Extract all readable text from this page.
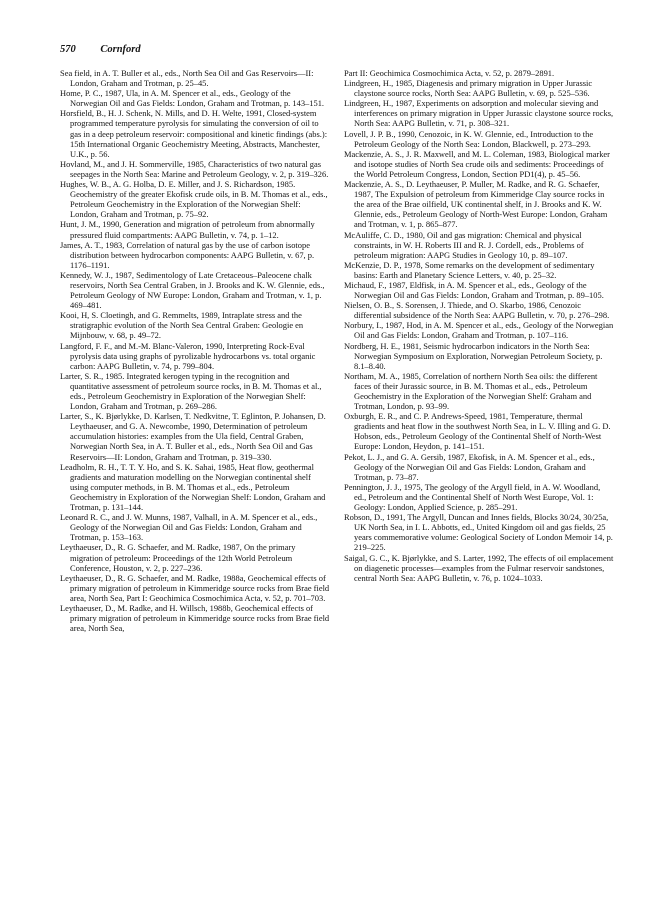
570 Cornford

Sea field, in A. T. Buller et al., eds., North Sea Oil and Gas Reservoirs—II: London, Graham and Trotman, p. 25–45.

Home, P. C., 1987, Ula, in A. M. Spencer et al., eds., Geology of the Norwegian Oil and Gas Fields: London, Graham and Trotman, p. 143–151.

Horsfield, B., H. J. Schenk, N. Mills, and D. H. Welte, 1991, Closed-system programmed temperature pyrolysis for simulating the conversion of oil to gas in a deep petroleum reservoir: compositional and kinetic findings (abs.): 15th International Organic Geochemistry Meeting, Abstracts, Manchester, U.K., p. 56.

Hovland, M., and J. H. Sommerville, 1985, Characteristics of two natural gas seepages in the North Sea: Marine and Petroleum Geology, v. 2, p. 319–326.

Hughes, W. B., A. G. Holba, D. E. Miller, and J. S. Richardson, 1985. Geochemistry of the greater Ekofisk crude oils, in B. M. Thomas et al., eds., Petroleum Geochemistry in the Exploration of the Norwegian Shelf: London, Graham and Trotman, p. 75–92.

Hunt, J. M., 1990, Generation and migration of petroleum from abnormally pressured fluid compartments: AAPG Bulletin, v. 74, p. 1–12.

James, A. T., 1983, Correlation of natural gas by the use of carbon isotope distribution between hydrocarbon components: AAPG Bulletin, v. 67, p. 1176–1191.

Kennedy, W. J., 1987, Sedimentology of Late Cretaceous–Paleocene chalk reservoirs, North Sea Central Graben, in J. Brooks and K. W. Glennie, eds., Petroleum Geology of NW Europe: London, Graham and Trotman, v. 1, p. 469–481.

Kooi, H, S. Cloetingh, and G. Remmelts, 1989, Intraplate stress and the stratigraphic evolution of the North Sea Central Graben: Geologie en Mijnbouw, v. 68, p. 49–72.

Langford, F. F., and M.-M. Blanc-Valeron, 1990, Interpreting Rock-Eval pyrolysis data using graphs of pyrolizable hydrocarbons vs. total organic carbon: AAPG Bulletin, v. 74, p. 799–804.

Larter, S. R., 1985. Integrated kerogen typing in the recognition and quantitative assessment of petroleum source rocks, in B. M. Thomas et al., eds., Petroleum Geochemistry in Exploration of the Norwegian Shelf: London, Graham and Trotman, p. 269–286.

Larter, S., K. Bjørlykke, D. Karlsen, T. Nedkvitne, T. Eglinton, P. Johansen, D. Leythaeuser, and G. A. Newcombe, 1990, Determination of petroleum accumulation histories: examples from the Ula field, Central Graben, Norwegian North Sea, in A. T. Buller et al., eds., North Sea Oil and Gas Reservoirs—II: London, Graham and Trotman, p. 319–330.

Leadholm, R. H., T. T. Y. Ho, and S. K. Sahai, 1985, Heat flow, geothermal gradients and maturation modelling on the Norwegian continental shelf using computer methods, in B. M. Thomas et al., eds., Petroleum Geochemistry in Exploration of the Norwegian Shelf: London, Graham and Trotman, p. 131–144.

Leonard R. C., and J. W. Munns, 1987, Valhall, in A. M. Spencer et al., eds., Geology of the Norwegian Oil and Gas Fields: London, Graham and Trotman, p. 153–163.

Leythaeuser, D., R. G. Schaefer, and M. Radke, 1987, On the primary migration of petroleum: Proceedings of the 12th World Petroleum Conference, Houston, v. 2, p. 227–236.

Leythaeuser, D., R. G. Schaefer, and M. Radke, 1988a, Geochemical effects of primary migration of petroleum in Kimmeridge source rocks from Brae field area, North Sea, Part I: Geochimica Cosmochimica Acta, v. 52, p. 701–703.

Leythaeuser, D., M. Radke, and H. Willsch, 1988b, Geochemical effects of primary migration of petroleum in Kimmeridge source rocks from Brae field area, North Sea,

Part II: Geochimica Cosmochimica Acta, v. 52, p. 2879–2891.

Lindgreen, H., 1985, Diagenesis and primary migration in Upper Jurassic claystone source rocks, North Sea: AAPG Bulletin, v. 69, p. 525–536.

Lindgreen, H., 1987, Experiments on adsorption and molecular sieving and interferences on primary migration in Upper Jurassic claystone source rocks, North Sea: AAPG Bulletin, v. 71, p. 308–321.

Lovell, J. P. B., 1990, Cenozoic, in K. W. Glennie, ed., Introduction to the Petroleum Geology of the North Sea: London, Blackwell, p. 273–293.

Mackenzie, A. S., J. R. Maxwell, and M. L. Coleman, 1983, Biological marker and isotope studies of North Sea crude oils and sediments: Proceedings of the World Petroleum Congress, London, Section PD1(4), p. 45–56.

Mackenzie, A. S., D. Leythaeuser, P. Muller, M. Radke, and R. G. Schaefer, 1987, The Expulsion of petroleum from Kimmeridge Clay source rocks in the area of the Brae oilfield, UK continental shelf, in J. Brooks and K. W. Glennie, eds., Petroleum Geology of North-West Europe: London, Graham and Trotman, v. 1, p. 865–877.

McAuliffe, C. D., 1980, Oil and gas migration: Chemical and physical constraints, in W. H. Roberts III and R. J. Cordell, eds., Problems of petroleum migration: AAPG Studies in Geology 10, p. 89–107.

McKenzie, D. P., 1978, Some remarks on the development of sedimentary basins: Earth and Planetary Science Letters, v. 40, p. 25–32.

Michaud, F., 1987, Eldfisk, in A. M. Spencer et al., eds., Geology of the Norwegian Oil and Gas Fields: London, Graham and Trotman, p. 89–105.

Nielsen, O. B., S. Sorensen, J. Thiede, and O. Skarbo, 1986, Cenozoic differential subsidence of the North Sea: AAPG Bulletin, v. 70, p. 276–298.

Norbury, I., 1987, Hod, in A. M. Spencer et al., eds., Geology of the Norwegian Oil and Gas Fields: London, Graham and Trotman, p. 107–116.

Nordberg, H. E., 1981, Seismic hydrocarbon indicators in the North Sea: Norwegian Symposium on Exploration, Norwegian Petroleum Society, p. 8.1–8.40.

Northam, M. A., 1985, Correlation of northern North Sea oils: the different faces of their Jurassic source, in B. M. Thomas et al., eds., Petroleum Geochemistry in the Exploration of the Norwegian Shelf: Graham and Trotman, London, p. 93–99.

Oxburgh, E. R., and C. P. Andrews-Speed, 1981, Temperature, thermal gradients and heat flow in the southwest North Sea, in L. V. Illing and G. D. Hobson, eds., Petroleum Geology of the Continental Shelf of North-West Europe: London, Heydon, p. 141–151.

Pekot, L. J., and G. A. Gersib, 1987, Ekofisk, in A. M. Spencer et al., eds., Geology of the Norwegian Oil and Gas Fields: London, Graham and Trotman, p. 73–87.

Pennington, J. J., 1975, The geology of the Argyll field, in A. W. Woodland, ed., Petroleum and the Continental Shelf of North West Europe, Vol. 1: Geology: London, Applied Science, p. 285–291.

Robson, D., 1991, The Argyll, Duncan and Innes fields, Blocks 30/24, 30/25a, UK North Sea, in I. L. Abbotts, ed., United Kingdom oil and gas fields, 25 years commemorative volume: Geological Society of London Memoir 14, p. 219–225.

Saigal, G. C., K. Bjørlykke, and S. Larter, 1992, The effects of oil emplacement on diagenetic processes—examples from the Fulmar reservoir sandstones, central North Sea: AAPG Bulletin, v. 76, p. 1024–1033.
